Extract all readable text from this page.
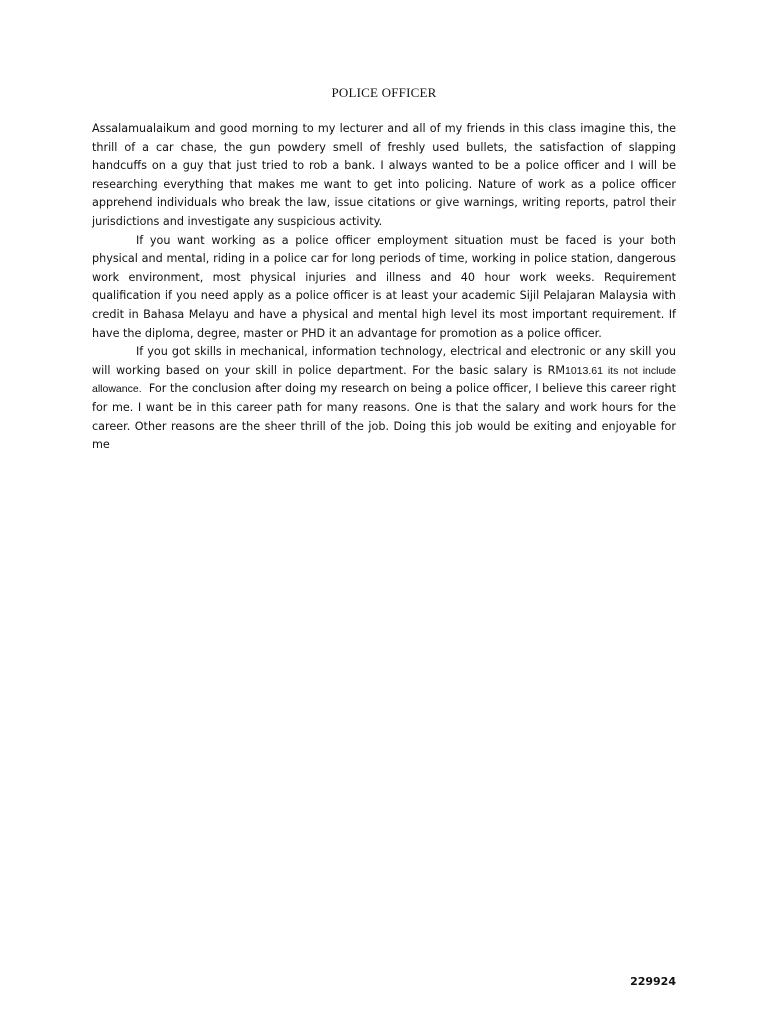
POLICE OFFICER

Assalamualaikum and good morning to my lecturer and all of my friends in this class imagine this, the thrill of a car chase, the gun powdery smell of freshly used bullets, the satisfaction of slapping handcuffs on a guy that just tried to rob a bank. I always wanted to be a police officer and I will be researching everything that makes me want to get into policing. Nature of work as a police officer apprehend individuals who break the law, issue citations or give warnings, writing reports, patrol their jurisdictions and investigate any suspicious activity.

If you want working as a police officer employment situation must be faced is your both physical and mental, riding in a police car for long periods of time, working in police station, dangerous work environment, most physical injuries and illness and 40 hour work weeks. Requirement qualification if you need apply as a police officer is at least your academic Sijil Pelajaran Malaysia with credit in Bahasa Melayu and have a physical and mental high level its most important requirement. If have the diploma, degree, master or PHD it an advantage for promotion as a police officer.

If you got skills in mechanical, information technology, electrical and electronic or any skill you will working based on your skill in police department. For the basic salary is RM1013.61 its not include allowance. For the conclusion after doing my research on being a police officer, I believe this career right for me. I want be in this career path for many reasons. One is that the salary and work hours for the career. Other reasons are the sheer thrill of the job. Doing this job would be exiting and enjoyable for me

229924
